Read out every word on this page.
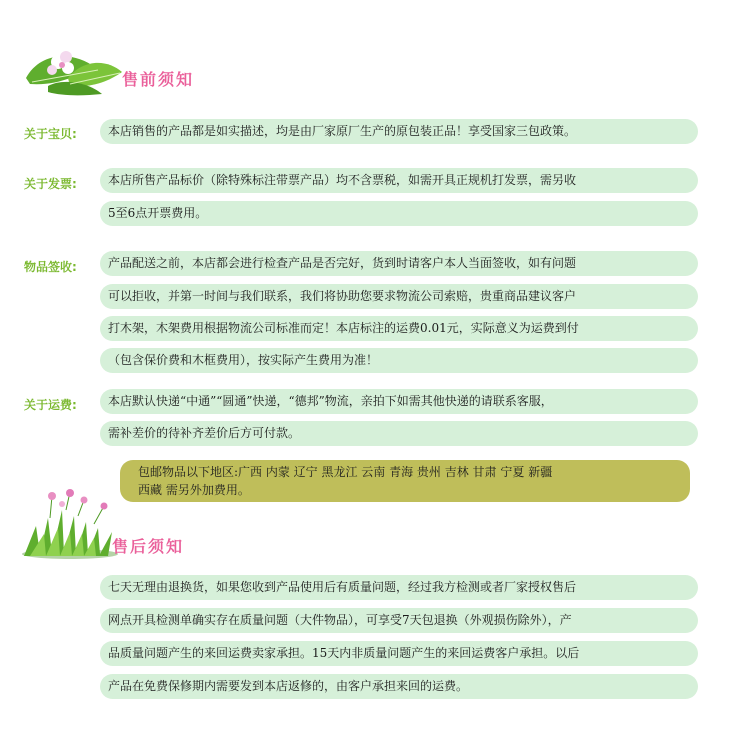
售前须知
关于宝贝:	本店销售的产品都是如实描述，均是由厂家原厂生产的原包装正品！享受国家三包政策。
关于发票:	本店所售产品标价（除特殊标注带票产品）均不含票税，如需开具正规机打发票，需另收
5至6点开票费用。
物品签收:	产品配送之前，本店都会进行检查产品是否完好，货到时请客户本人当面签收，如有问题
可以拒收，并第一时间与我们联系，我们将协助您要求物流公司索赔，贵重商品建议客户
打木架，木架费用根据物流公司标准而定！本店标注的运费0.01元，实际意义为运费到付
（包含保价费和木框费用），按实际产生费用为准！
关于运费:	本店默认快递“中通”“圆通”快递，“德邦”物流，亲拍下如需其他快递的请联系客服，
需补差价的待补齐差价后方可付款。
包邮物品以下地区:广西 内蒙 辽宁 黑龙江 云南 青海 贵州 吉林 甘肃 宁夏 新疆
西藏 需另外加费用。
售后须知
七天无理由退换货，如果您收到产品使用后有质量问题，经过我方检测或者厂家授权售后
网点开具检测单确实存在质量问题（大件物品），可享受7天包退换（外观损伤除外），产
品质量问题产生的来回运费卖家承担。15天内非质量问题产生的来回运费客户承担。以后
产品在免费保修期内需要发到本店返修的，由客户承担来回的运费。
